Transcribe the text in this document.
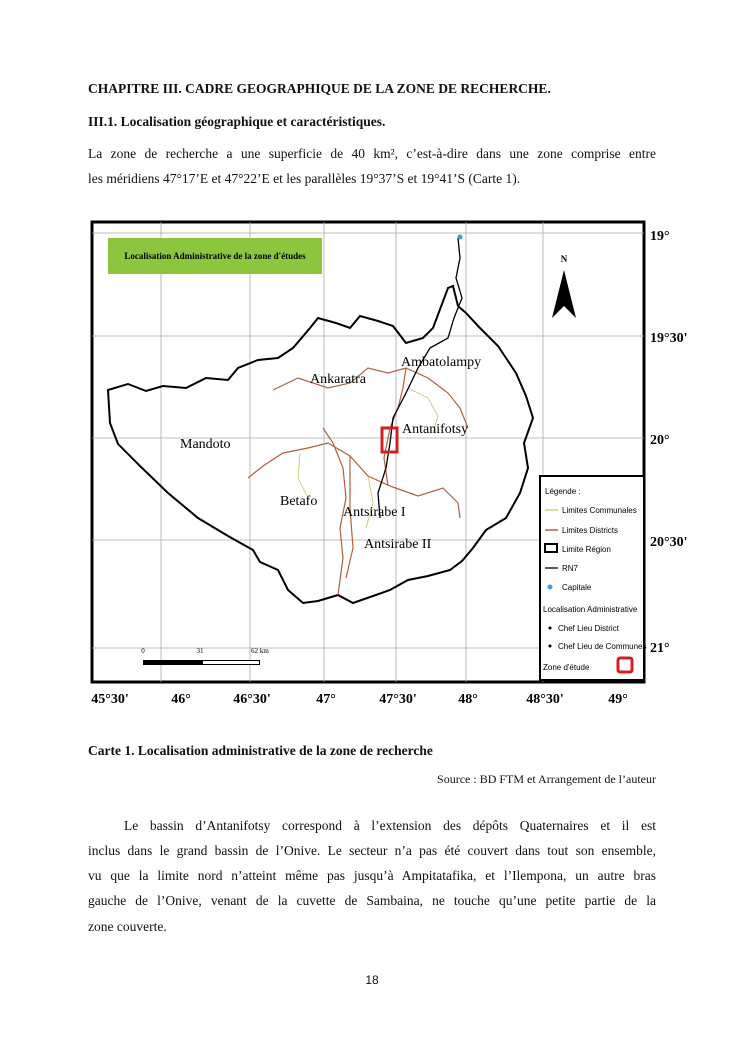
CHAPITRE III. CADRE GEOGRAPHIQUE DE LA ZONE DE RECHERCHE.
III.1. Localisation géographique et caractéristiques.
La zone de recherche a une superficie de 40 km², c’est-à-dire dans une zone comprise entre
les méridiens 47°17’E et 47°22’E et les parallèles 19°37’S et 19°41’S (Carte 1).
Localisation Administrative de la zone d'études	N
Ambatolampy
Ankaratra
Antanifotsy
Mandoto
Betafo
Antsirabe I
Antsirabe II
0	31	62 km
Légende :
Limites Communales
Limites Districts
Limite Région
RN7
Capitale
Localisation Administrative
Chef Lieu District
Chef Lieu de Communes
Zone d'étude
19°
19°30'
20°
20°30'
21°
45°30'	46°	46°30'	47°	47°30'	48°	48°30'	49°
Carte 1. Localisation administrative de la zone de recherche
Source : BD FTM et Arrangement de l’auteur
Le bassin d’Antanifotsy correspond à l’extension des dépôts Quaternaires et il est
inclus dans le grand bassin de l’Onive. Le secteur n’a pas été couvert dans tout son ensemble,
vu que la limite nord n’atteint même pas jusqu’à Ampitatafika, et l’Ilempona, un autre bras
gauche de l’Onive, venant de la cuvette de Sambaina, ne touche qu’une petite partie de la
zone couverte.
18
